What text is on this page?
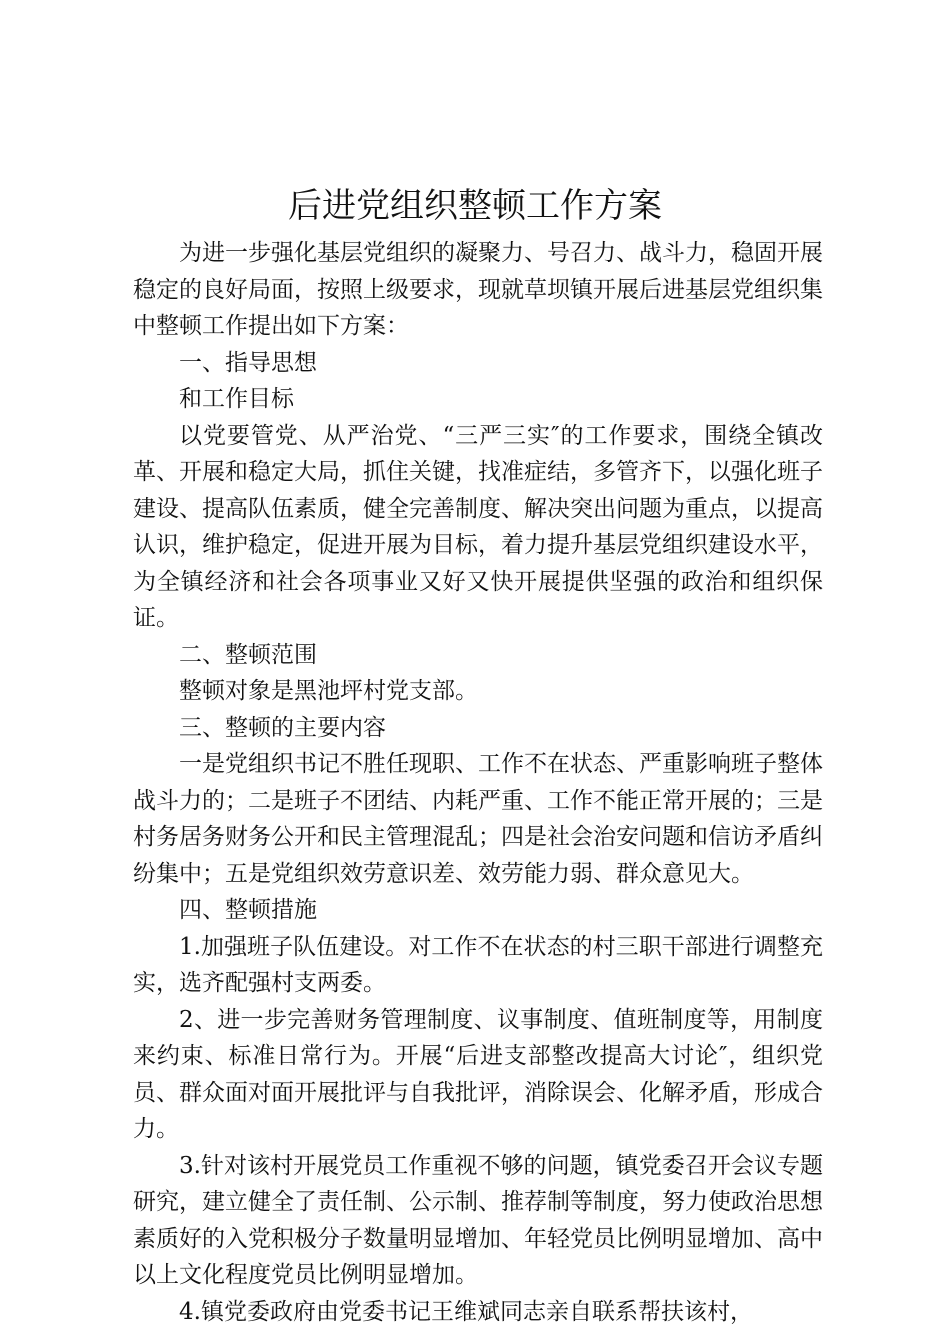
后进党组织整顿工作方案

为进一步强化基层党组织的凝聚力、号召力、战斗力，稳固开展稳定的良好局面，按照上级要求，现就草坝镇开展后进基层党组织集中整顿工作提出如下方案：

一、指导思想

和工作目标

以党要管党、从严治党、“三严三实″的工作要求，围绕全镇改革、开展和稳定大局，抓住关键，找准症结，多管齐下，以强化班子建设、提高队伍素质，健全完善制度、解决突出问题为重点，以提高认识，维护稳定，促进开展为目标，着力提升基层党组织建设水平，为全镇经济和社会各项事业又好又快开展提供坚强的政治和组织保证。

二、整顿范围

整顿对象是黑池坪村党支部。

三、整顿的主要内容

一是党组织书记不胜任现职、工作不在状态、严重影响班子整体战斗力的；二是班子不团结、内耗严重、工作不能正常开展的；三是村务居务财务公开和民主管理混乱；四是社会治安问题和信访矛盾纠纷集中；五是党组织效劳意识差、效劳能力弱、群众意见大。

四、整顿措施

1.加强班子队伍建设。对工作不在状态的村三职干部进行调整充实，选齐配强村支两委。

2、进一步完善财务管理制度、议事制度、值班制度等，用制度来约束、标准日常行为。开展“后进支部整改提高大讨论″，组织党员、群众面对面开展批评与自我批评，消除误会、化解矛盾，形成合力。

3.针对该村开展党员工作重视不够的问题，镇党委召开会议专题研究，建立健全了责任制、公示制、推荐制等制度，努力使政治思想素质好的入党积极分子数量明显增加、年轻党员比例明显增加、高中以上文化程度党员比例明显增加。

4.镇党委政府由党委书记王维斌同志亲自联系帮扶该村，
